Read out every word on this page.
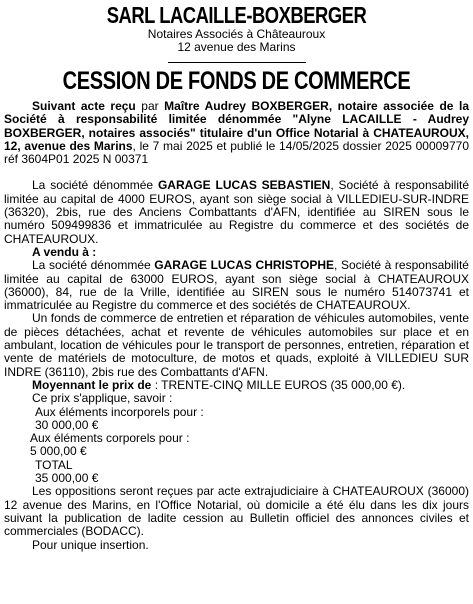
SARL LACAILLE-BOXBERGER
Notaires Associés à Châteauroux
12 avenue des Marins
CESSION DE FONDS DE COMMERCE

Suivant acte reçu par Maître Audrey BOXBERGER, notaire associée de la Société à responsabilité limitée dénommée "Alyne LACAILLE - Audrey BOXBERGER, notaires associés" titulaire d'un Office Notarial à CHATEAUROUX, 12, avenue des Marins, le 7 mai 2025 et publié le 14/05/2025 dossier 2025 00009770 réf 3604P01 2025 N 00371

La société dénommée GARAGE LUCAS SEBASTIEN, Société à responsabilité limitée au capital de 4000 EUROS, ayant son siège social à VILLEDIEU-SUR-INDRE (36320), 2bis, rue des Anciens Combattants d'AFN, identifiée au SIREN sous le numéro 509499836 et immatriculée au Registre du commerce et des sociétés de CHATEAUROUX.

A vendu à :

La société dénommée GARAGE LUCAS CHRISTOPHE, Société à responsabilité limitée au capital de 63000 EUROS, ayant son siège social à CHATEAUROUX (36000), 84, rue de la Vrille, identifiée au SIREN sous le numéro 514073741 et immatriculée au Registre du commerce et des sociétés de CHATEAUROUX.

Un fonds de commerce de entretien et réparation de véhicules automobiles, vente de pièces détachées, achat et revente de véhicules automobiles sur place et en ambulant, location de véhicules pour le transport de personnes, entretien, réparation et vente de matériels de motoculture, de motos et quads, exploité à VILLEDIEU SUR INDRE (36110), 2bis rue des Combattants d'AFN.

Moyennant le prix de : TRENTE-CINQ MILLE EUROS (35 000,00 €).

Ce prix s'applique, savoir :

Aux éléments incorporels pour :

30 000,00 €

Aux éléments corporels pour :

5 000,00 €

TOTAL

35 000,00 €

Les oppositions seront reçues par acte extrajudiciaire à CHATEAUROUX (36000) 12 avenue des Marins, en l'Office Notarial, où domicile a été élu dans les dix jours suivant la publication de ladite cession au Bulletin officiel des annonces civiles et commerciales (BODACC).

Pour unique insertion.
